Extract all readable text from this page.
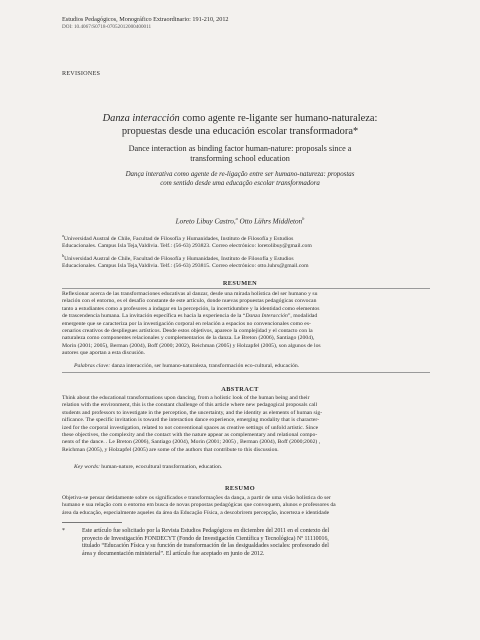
Estudios Pedagógicos, Monográfico Extraordinario: 191-210, 2012
DOI: 10.4067/S0718-07052012000400011
REVISIONES
Danza interacción como agente re-ligante ser humano-naturaleza:
propuestas desde una educación escolar transformadora*
Dance interaction as binding factor human-nature: proposals since a
transforming school education
Dança interativa como agente de re-ligação entre ser humano-natureza: propostas
com sentido desde uma educação escolar transformadora
Loreto Libuy Castro,$^a$ Otto Lührs Middleton$^b$
$^a$Universidad Austral de Chile, Facultad de Filosofía y Humanidades, Instituto de Filosofía y Estudios
Educacionales. Campus Isla Teja,Valdivia. Telf.: (56-63) 293823. Correo electrónico: loretolibuy@gmail.com
$^b$Universidad Austral de Chile, Facultad de Filosofía y Humanidades, Instituto de Filosofía y Estudios
Educacionales. Campus Isla Teja,Valdivia. Telf.: (56-63) 293815. Correo electrónico: otto.luhrs@gmail.com
RESUMEN
Reflexionar acerca de las transformaciones educativas al danzar, desde una mirada holística del ser humano y su
relación con el entorno, es el desafío constante de este artículo, donde nuevas propuestas pedagógicas convocan
tanto a estudiantes como a profesores a indagar en la percepción, la incertidumbre y la identidad como elementos
de trascendencia humana. La invitación específica es hacia la experiencia de la “Danza Interacción”, modalidad
emergente que se caracteriza por la investigación corporal en relación a espacios no convencionales como es-
cenarios creativos de despliegues artísticos. Desde estos objetivos, aparece la complejidad y el contacto con la
naturaleza como componentes relacionales y complementarios de la danza. Le Breton (2006), Santiago (2004),
Morin (2001; 2005), Berman (2004), Boff (2000; 2002), Reichman (2005) y Holzapfel (2005), son algunos de los
autores que aportan a esta discusión.
Palabras clave: danza interacción, ser humano-naturaleza, transformación eco-cultural, educación.
ABSTRACT
Think about the educational transformations upon dancing, from a holistic look of the human being and their
relation with the environment, this is the constant challenge of this article where new pedagogical proposals call
students and professors to investigate in the perception, the uncertainty, and the identity as elements of human sig-
nificance. The specific invitation is toward the interaction dance experience, emerging modality that is character-
ized for the corporal investigation, related to not conventional spaces as creative settings of unfold artistic. Since
these objectives, the complexity and the contact with the nature appear as complementary and relational compo-
nents of the dance. . Le Breton (2006), Santiago (2004), Morin (2001; 2005) , Berman (2004), Boff (2000;2002) ,
Reichman (2005), y Holzapfel (2005) are some of the authors that contribute to this discussion.
Key words: human-nature, ecocultural transformation, education.
RESUMO
Objetiva-se pensar detidamente sobre os significados e transformações da dança, a partir de uma visão holística do ser
humano e sua relação com o entorno em busca de novas propostas pedagógicas que convoquem, alunos e professores da
área da educação, especialmente aqueles da área da Educação Física, a descobrirem percepção, incerteza e identidade
*	Este artículo fue solicitado por la Revista Estudios Pedagógicos en diciembre del 2011 en el contexto del
proyecto de Investigación FONDECYT (Fondo de Investigación Científica y Tecnológica) Nº 11110016,
titulado “Educación Física y su función de transformación de las desigualdades sociales: profesorado del
área y documentación ministerial”. El artículo fue aceptado en junio de 2012.
